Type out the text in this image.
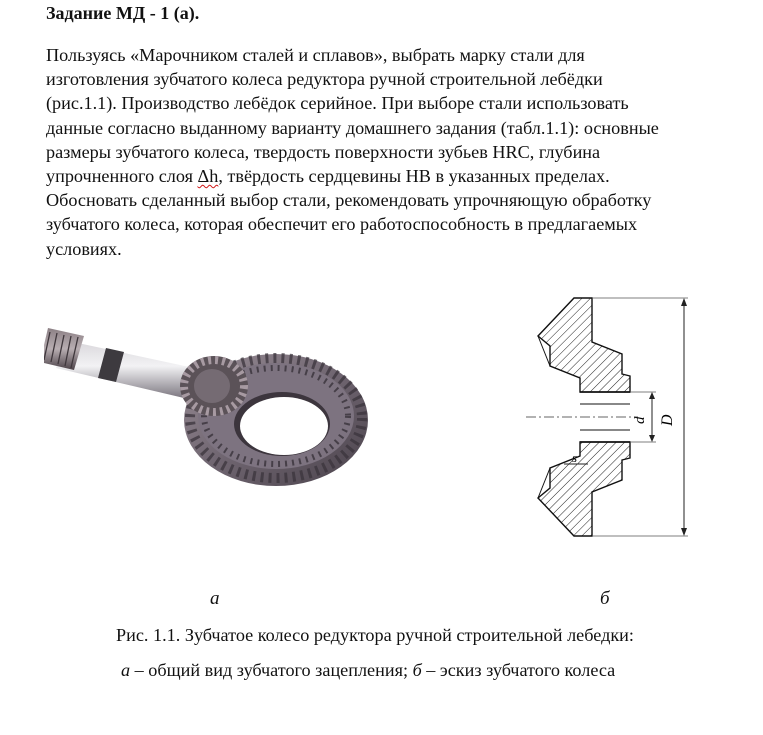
Задание МД - 1 (а).
Пользуясь «Марочником сталей и сплавов», выбрать марку стали для
изготовления зубчатого колеса редуктора ручной строительной лебёдки
(рис.1.1). Производство лебёдок серийное. При выборе стали использовать
данные согласно выданному варианту домашнего задания (табл.1.1): основные
размеры зубчатого колеса, твердость поверхности зубьев HRC, глубина
упрочненного слоя Δh, твёрдость сердцевины НВ в указанных пределах.
Обосновать сделанный выбор стали, рекомендовать упрочняющую обработку
зубчатого колеса, которая обеспечит его работоспособность в предлагаемых
условиях.
D
d
s
а	б
Рис. 1.1. Зубчатое колесо редуктора ручной строительной лебедки:
а – общий вид зубчатого зацепления; б – эскиз зубчатого колеса
